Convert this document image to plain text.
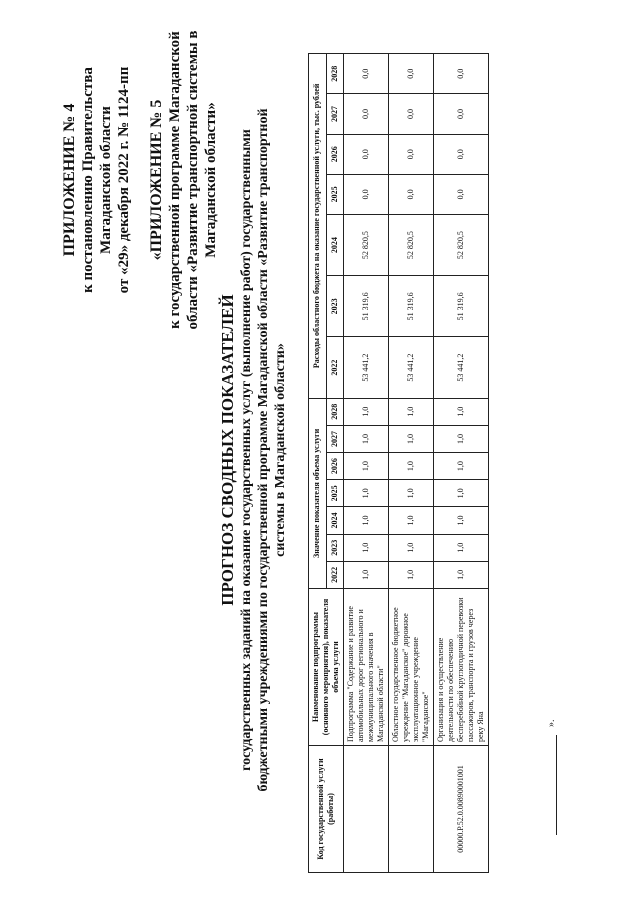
ПРИЛОЖЕНИЕ № 4 к постановлению Правительства Магаданской области от «29» декабря 2022 г. № 1124-пп «ПРИЛОЖЕНИЕ № 5 к государственной программе Магаданской области «Развитие транспортной системы в Магаданской области»
ПРОГНОЗ СВОДНЫХ ПОКАЗАТЕЛЕЙ государственных заданий на оказание государственных услуг (выполнение работ) государственными бюджетными учреждениями по государственной программе Магаданской области «Развитие транспортной системы в Магаданской области»
Код государственной услуги (работы)	Наименование подпрограммы (основного мероприятия), показателя объема услуги	Значение показателя объема услуги							Расходы областного бюджета на оказание государственной услуги, тыс. рублей						
		2022	2023	2024	2025	2026	2027	2028	2022	2023	2024	2025	2026	2027	2028
	Подпрограмма "Содержание и развитие автомобильных дорог регионального и межмуниципального значения в Магаданской области"	1,0	1,0	1,0	1,0	1,0	1,0	1,0	53 441,2	51 319,6	52 820,5	0,0	0,0	0,0	0,0
	Областное государственное бюджетное учреждение "Магаданское" дорожное эксплуатационное учреждение "Магаданское"	1,0	1,0	1,0	1,0	1,0	1,0	1,0	53 441,2	51 319,6	52 820,5	0,0	0,0	0,0	0,0
00000.Р.52.0.00890001001	Организация и осуществление деятельности по обеспечению бесперебойной круглогодичной перевозки пассажиров, транспорта и грузов через реку Яна	1,0	1,0	1,0	1,0	1,0	1,0	1,0	53 441,2	51 319,6	52 820,5	0,0	0,0	0,0	0,0
».
